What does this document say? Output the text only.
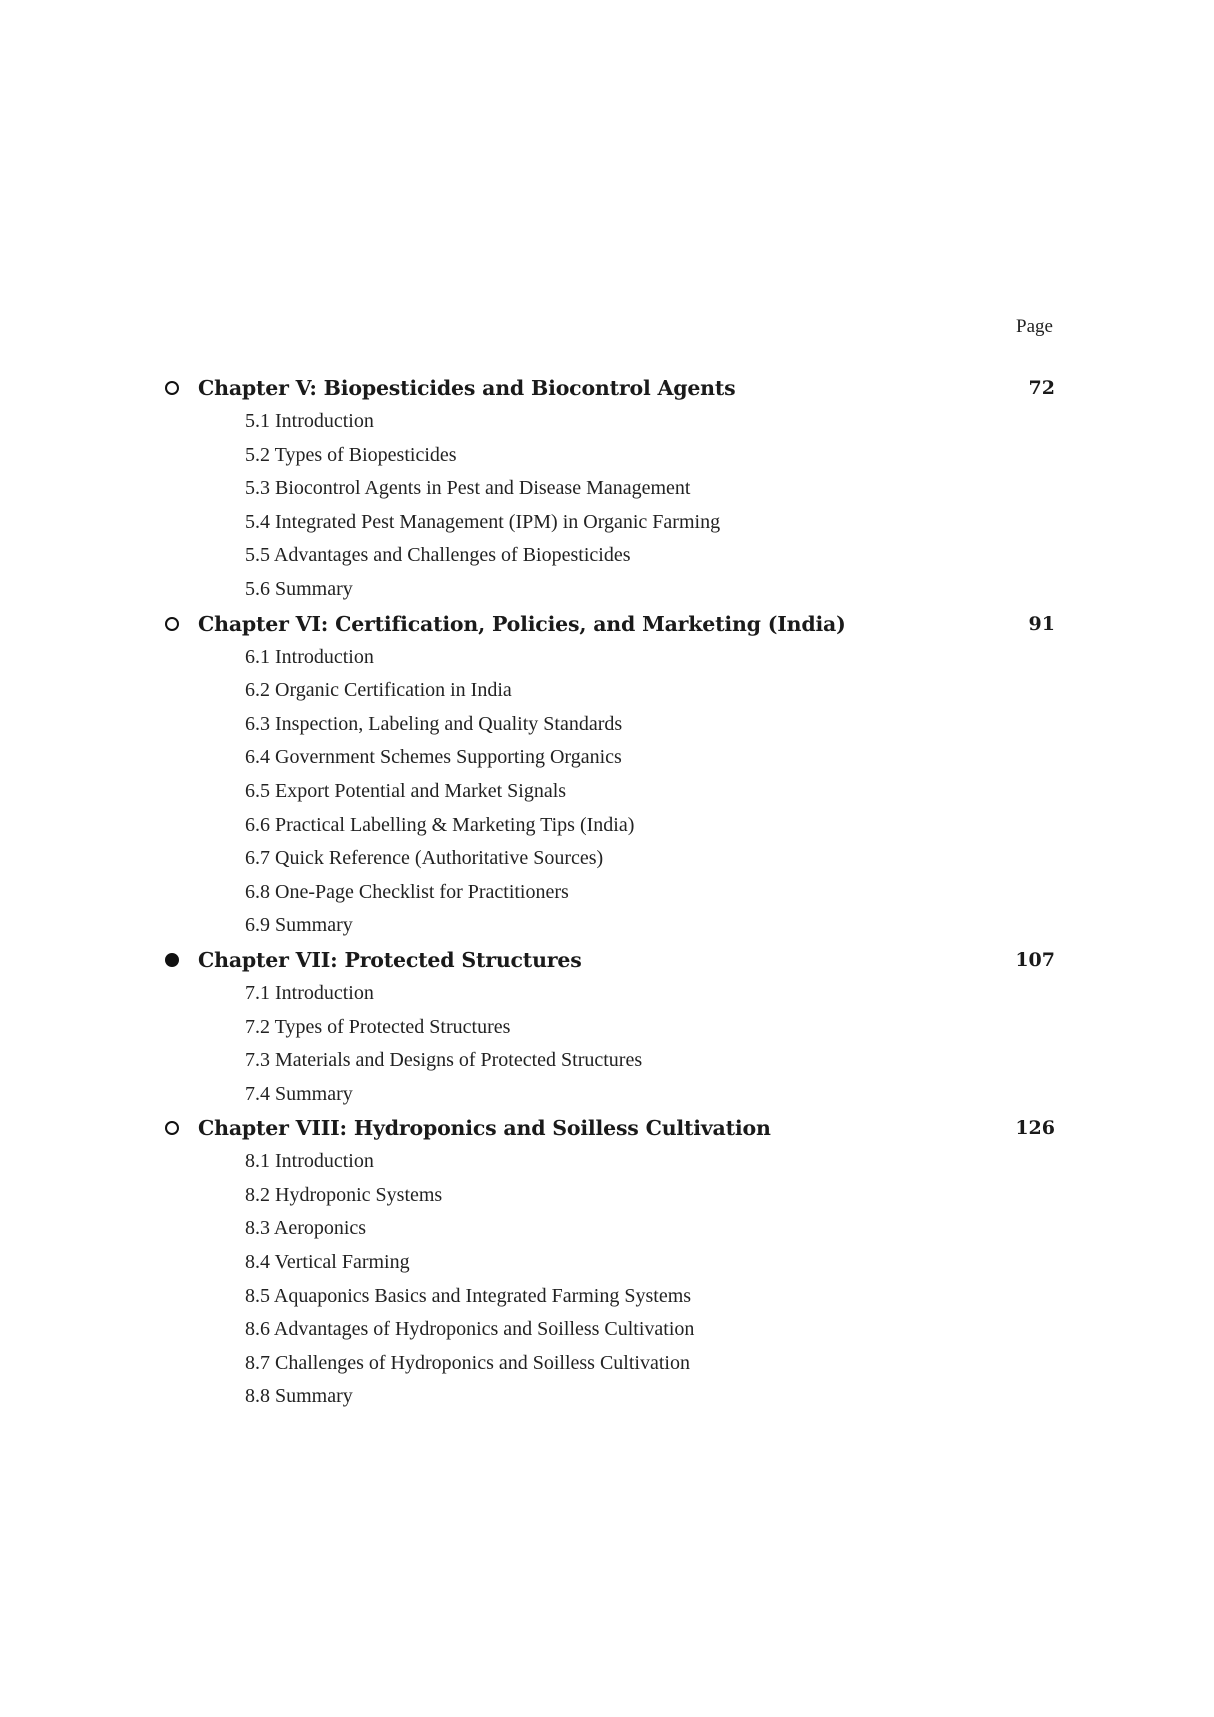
Page
Chapter V: Biopesticides and Biocontrol Agents	72
5.1 Introduction
5.2 Types of Biopesticides
5.3 Biocontrol Agents in Pest and Disease Management
5.4 Integrated Pest Management (IPM) in Organic Farming
5.5 Advantages and Challenges of Biopesticides
5.6 Summary
Chapter VI: Certification, Policies, and Marketing (India)	91
6.1 Introduction
6.2 Organic Certification in India
6.3 Inspection, Labeling and Quality Standards
6.4 Government Schemes Supporting Organics
6.5 Export Potential and Market Signals
6.6 Practical Labelling & Marketing Tips (India)
6.7 Quick Reference (Authoritative Sources)
6.8 One-Page Checklist for Practitioners
6.9 Summary
Chapter VII: Protected Structures	107
7.1 Introduction
7.2 Types of Protected Structures
7.3 Materials and Designs of Protected Structures
7.4 Summary
Chapter VIII: Hydroponics and Soilless Cultivation	126
8.1 Introduction
8.2 Hydroponic Systems
8.3 Aeroponics
8.4 Vertical Farming
8.5 Aquaponics Basics and Integrated Farming Systems
8.6 Advantages of Hydroponics and Soilless Cultivation
8.7 Challenges of Hydroponics and Soilless Cultivation
8.8 Summary
